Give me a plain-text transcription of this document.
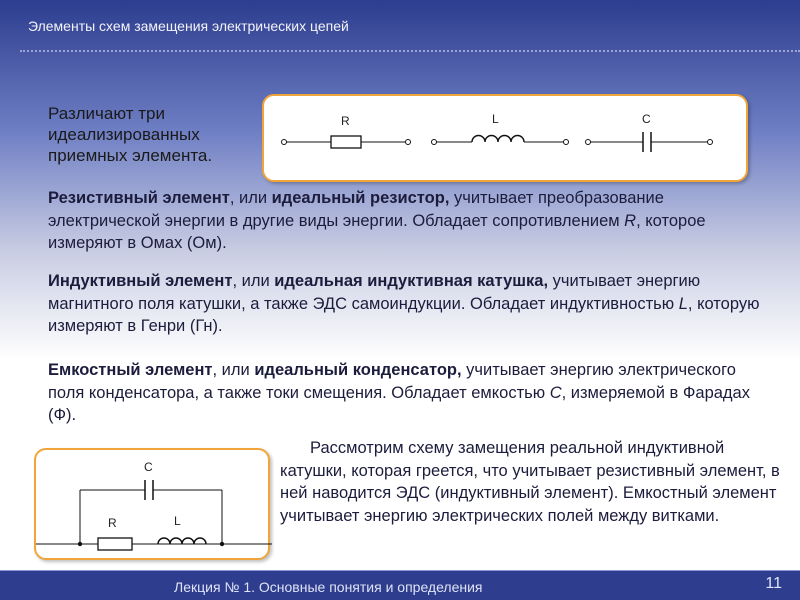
Элементы схем замещения электрических цепей
Различают три идеализированных приемных элемента.
R	L	C
Резистивный элемент, или идеальный резистор, учитывает преобразование электрической энергии в другие виды энергии. Обладает сопротивлением R, которое измеряют в Омах (Ом).
Индуктивный элемент, или идеальная индуктивная катушка, учитывает энергию магнитного поля катушки, а также ЭДС самоиндукции. Обладает индуктивностью L, которую измеряют в Генри (Гн).
Емкостный элемент, или идеальный конденсатор, учитывает энергию электрического поля конденсатора, а также токи смещения. Обладает емкостью С, измеряемой в Фарадах (Ф).
С
R	L
Рассмотрим схему замещения реальной индуктивной катушки, которая греется, что учитывает резистивный элемент, в ней наводится ЭДС (индуктивный элемент). Емкостный элемент учитывает энергию электрических полей между витками.
Лекция № 1. Основные понятия и определения	11
